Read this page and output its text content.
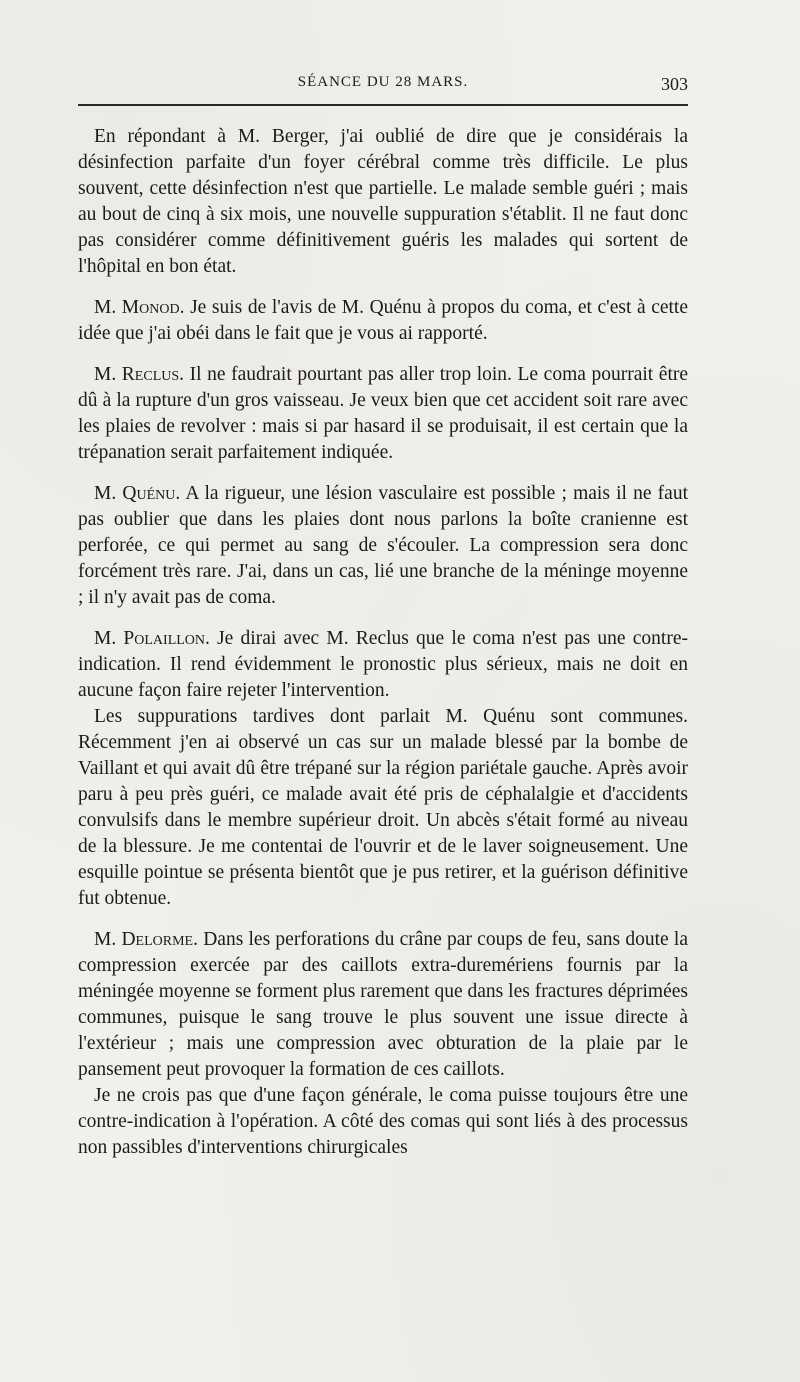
SÉANCE DU 28 MARS.	303

En répondant à M. Berger, j'ai oublié de dire que je considérais la désinfection parfaite d'un foyer cérébral comme très difficile. Le plus souvent, cette désinfection n'est que partielle. Le malade semble guéri ; mais au bout de cinq à six mois, une nouvelle suppuration s'établit. Il ne faut donc pas considérer comme définitivement guéris les malades qui sortent de l'hôpital en bon état.

M. Monod. Je suis de l'avis de M. Quénu à propos du coma, et c'est à cette idée que j'ai obéi dans le fait que je vous ai rapporté.

M. Reclus. Il ne faudrait pourtant pas aller trop loin. Le coma pourrait être dû à la rupture d'un gros vaisseau. Je veux bien que cet accident soit rare avec les plaies de revolver : mais si par hasard il se produisait, il est certain que la trépanation serait parfaitement indiquée.

M. Quénu. A la rigueur, une lésion vasculaire est possible ; mais il ne faut pas oublier que dans les plaies dont nous parlons la boîte cranienne est perforée, ce qui permet au sang de s'écouler. La compression sera donc forcément très rare. J'ai, dans un cas, lié une branche de la méninge moyenne ; il n'y avait pas de coma.

M. Polaillon. Je dirai avec M. Reclus que le coma n'est pas une contre-indication. Il rend évidemment le pronostic plus sérieux, mais ne doit en aucune façon faire rejeter l'intervention.

Les suppurations tardives dont parlait M. Quénu sont communes. Récemment j'en ai observé un cas sur un malade blessé par la bombe de Vaillant et qui avait dû être trépané sur la région pariétale gauche. Après avoir paru à peu près guéri, ce malade avait été pris de céphalalgie et d'accidents convulsifs dans le membre supérieur droit. Un abcès s'était formé au niveau de la blessure. Je me contentai de l'ouvrir et de le laver soigneusement. Une esquille pointue se présenta bientôt que je pus retirer, et la guérison définitive fut obtenue.

M. Delorme. Dans les perforations du crâne par coups de feu, sans doute la compression exercée par des caillots extra-duremériens fournis par la méningée moyenne se forment plus rarement que dans les fractures déprimées communes, puisque le sang trouve le plus souvent une issue directe à l'extérieur ; mais une compression avec obturation de la plaie par le pansement peut provoquer la formation de ces caillots.

Je ne crois pas que d'une façon générale, le coma puisse toujours être une contre-indication à l'opération. A côté des comas qui sont liés à des processus non passibles d'interventions chirurgicales
